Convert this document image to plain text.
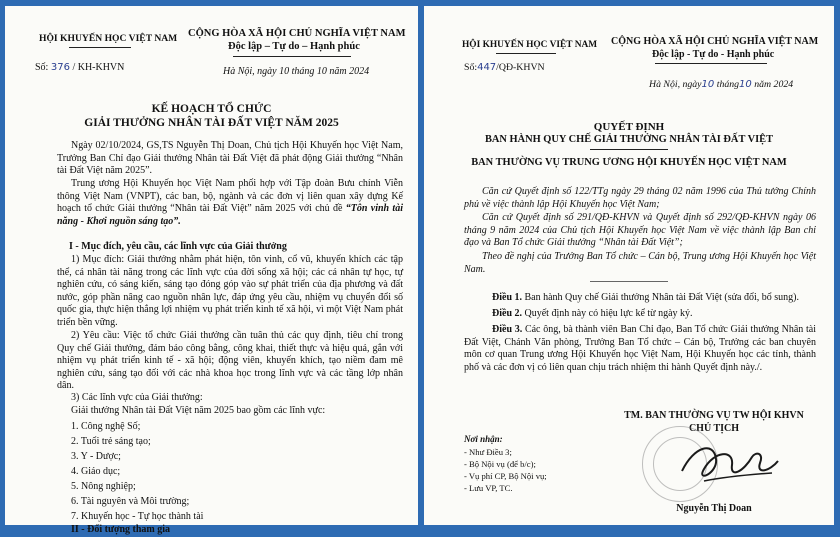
HỘI KHUYẾN HỌC VIỆT NAM CỘNG HÒA XÃ HỘI CHỦ NGHĨA VIỆT NAM
Độc lập – Tự do – Hạnh phúc
Số: 376 / KH-KHVN	Hà Nội, ngày 10 tháng 10 năm 2024
KẾ HOẠCH TỔ CHỨC
GIẢI THƯỞNG NHÂN TÀI ĐẤT VIỆT NĂM 2025
Ngày 02/10/2024, GS,TS Nguyễn Thị Doan, Chủ tịch Hội Khuyến học Việt Nam, Trưởng Ban Chỉ đạo Giải thưởng Nhân tài Đất Việt đã phát động Giải thưởng “Nhân tài Đất Việt năm 2025”.
Trung ương Hội Khuyến học Việt Nam phối hợp với Tập đoàn Bưu chính Viễn thông Việt Nam (VNPT), các ban, bộ, ngành và các đơn vị liên quan xây dựng Kế hoạch tổ chức Giải thưởng “Nhân tài Đất Việt” năm 2025 với chủ đề “Tôn vinh tài năng - Khơi nguồn sáng tạo”.
I - Mục đích, yêu cầu, các lĩnh vực của Giải thưởng
1) Mục đích: Giải thưởng nhằm phát hiện, tôn vinh, cổ vũ, khuyến khích các tập thể, cá nhân tài năng trong các lĩnh vực của đời sống xã hội; các cá nhân tự học, tự nghiên cứu, có sáng kiến, sáng tạo đóng góp vào sự phát triển của địa phương và đất nước, góp phần nâng cao nguồn nhân lực, đáp ứng yêu cầu, nhiệm vụ chuyển đổi số quốc gia, thực hiện thắng lợi nhiệm vụ phát triển kinh tế xã hội, vì một Việt Nam phát triển bền vững.
2) Yêu cầu: Việc tổ chức Giải thưởng cần tuân thủ các quy định, tiêu chí trong Quy chế Giải thưởng, đảm bảo công bằng, công khai, thiết thực và hiệu quả, gắn với nhiệm vụ phát triển kinh tế - xã hội; động viên, khuyến khích, tạo niềm đam mê nghiên cứu, sáng tạo đối với các nhà khoa học trong lĩnh vực và các tầng lớp nhân dân.
3) Các lĩnh vực của Giải thưởng:
Giải thưởng Nhân tài Đất Việt năm 2025 bao gồm các lĩnh vực:
1. Công nghệ Số;
2. Tuổi trẻ sáng tạo;
3. Y - Dược;
4. Giáo dục;
5. Nông nghiệp;
6. Tài nguyên và Môi trường;
7. Khuyến học - Tự học thành tài
II - Đối tượng tham gia
HỘI KHUYẾN HỌC VIỆT NAM CỘNG HÒA XÃ HỘI CHỦ NGHĨA VIỆT NAM
Độc lập - Tự do - Hạnh phúc
Số:447/QĐ-KHVN
Hà Nội, ngày10 tháng10 năm 2024
QUYẾT ĐỊNH
BAN HÀNH QUY CHẾ GIẢI THƯỞNG NHÂN TÀI ĐẤT VIỆT
BAN THƯỜNG VỤ TRUNG ƯƠNG HỘI KHUYẾN HỌC VIỆT NAM
Căn cứ Quyết định số 122/TTg ngày 29 tháng 02 năm 1996 của Thủ tướng Chính phủ về việc thành lập Hội Khuyến học Việt Nam;
Căn cứ Quyết định số 291/QĐ-KHVN và Quyết định số 292/QĐ-KHVN ngày 06 tháng 9 năm 2024 của Chủ tịch Hội Khuyến học Việt Nam về việc thành lập Ban chỉ đạo và Ban Tổ chức Giải thưởng “Nhân tài Đất Việt”;
Theo đề nghị của Trưởng Ban Tổ chức – Cán bộ, Trung ương Hội Khuyến học Việt Nam.
Điều 1. Ban hành Quy chế Giải thưởng Nhân tài Đất Việt (sửa đổi, bổ sung).
Điều 2. Quyết định này có hiệu lực kể từ ngày ký.
Điều 3. Các ông, bà thành viên Ban Chỉ đạo, Ban Tổ chức Giải thưởng Nhân tài Đất Việt, Chánh Văn phòng, Trưởng Ban Tổ chức – Cán bộ, Trưởng các ban chuyên môn cơ quan Trung ương Hội Khuyến học Việt Nam, Hội Khuyến học các tỉnh, thành phố và các đơn vị có liên quan chịu trách nhiệm thi hành Quyết định này./.
TM. BAN THƯỜNG VỤ TW HỘI KHVN
CHỦ TỊCH
Nguyễn Thị Doan
Nơi nhận:
- Như Điều 3;
- Bộ Nội vụ (để b/c);
- Vụ phí CP, Bộ Nội vụ;
- Lưu VP, TC.
